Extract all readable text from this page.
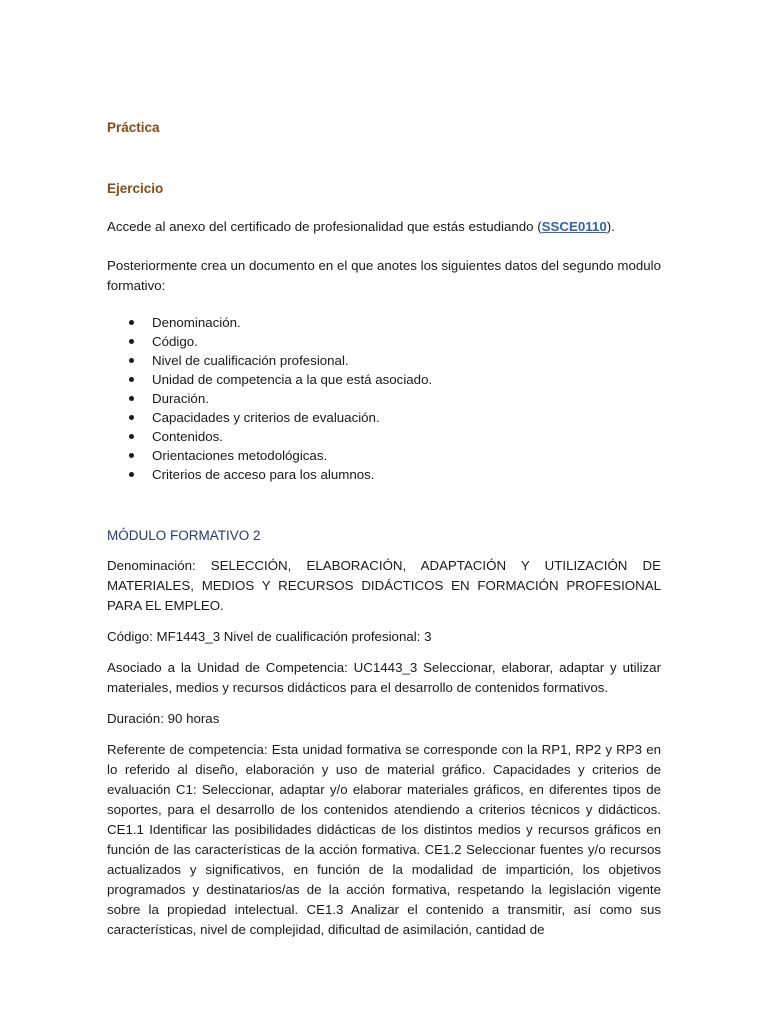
Práctica
Ejercicio

Accede al anexo del certificado de profesionalidad que estás estudiando (SSCE0110).

Posteriormente crea un documento en el que anotes los siguientes datos del segundo modulo formativo:

Denominación.
Código.
Nivel de cualificación profesional.
Unidad de competencia a la que está asociado.
Duración.
Capacidades y criterios de evaluación.
Contenidos.
Orientaciones metodológicas.
Criterios de acceso para los alumnos.

MÓDULO FORMATIVO 2

Denominación: SELECCIÓN, ELABORACIÓN, ADAPTACIÓN Y UTILIZACIÓN DE MATERIALES, MEDIOS Y RECURSOS DIDÁCTICOS EN FORMACIÓN PROFESIONAL PARA EL EMPLEO.

Código: MF1443_3 Nivel de cualificación profesional: 3

Asociado a la Unidad de Competencia: UC1443_3 Seleccionar, elaborar, adaptar y utilizar materiales, medios y recursos didácticos para el desarrollo de contenidos formativos.

Duración: 90 horas

Referente de competencia: Esta unidad formativa se corresponde con la RP1, RP2 y RP3 en lo referido al diseño, elaboración y uso de material gráfico. Capacidades y criterios de evaluación C1: Seleccionar, adaptar y/o elaborar materiales gráficos, en diferentes tipos de soportes, para el desarrollo de los contenidos atendiendo a criterios técnicos y didácticos. CE1.1 Identificar las posibilidades didácticas de los distintos medios y recursos gráficos en función de las características de la acción formativa. CE1.2 Seleccionar fuentes y/o recursos actualizados y significativos, en función de la modalidad de impartición, los objetivos programados y destinatarios/as de la acción formativa, respetando la legislación vigente sobre la propiedad intelectual. CE1.3 Analizar el contenido a transmitir, así como sus características, nivel de complejidad, dificultad de asimilación, cantidad de
